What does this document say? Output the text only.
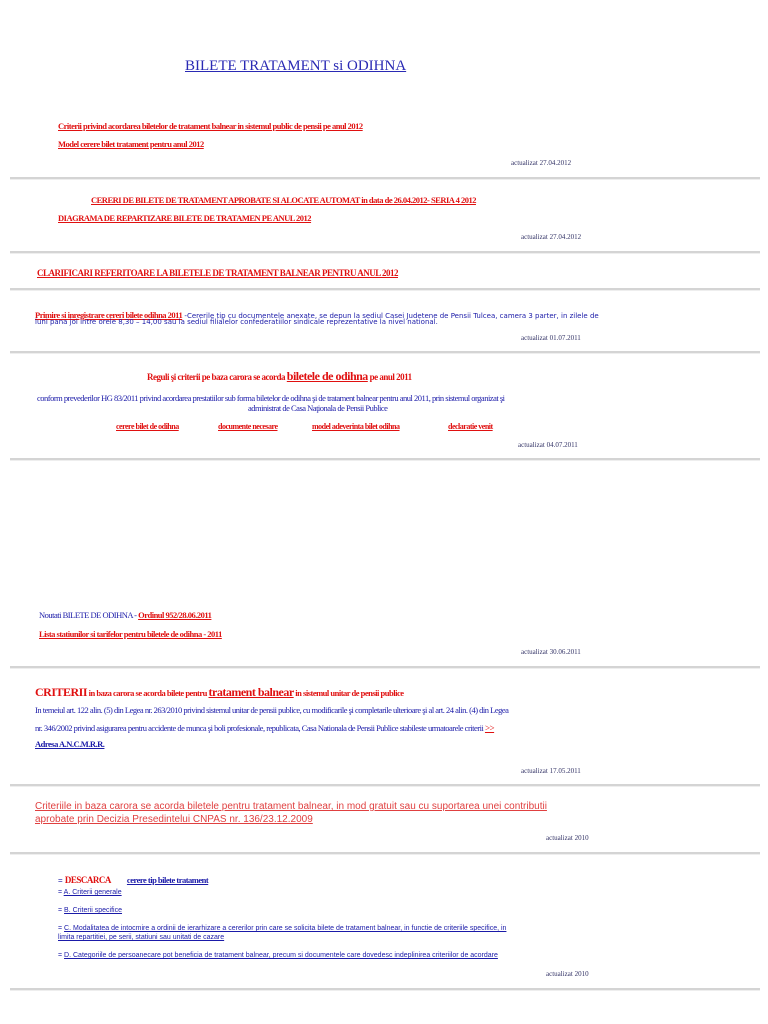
BILETE TRATAMENT si ODIHNA
Criterii privind acordarea biletelor de tratament balnear in sistemul public de pensii pe anul 2012
Model cerere bilet tratament pentru anul 2012
actualizat 27.04.2012
CERERI DE BILETE DE TRATAMENT APROBATE SI ALOCATE AUTOMAT in data de 26.04.2012- SERIA 4 2012
DIAGRAMA DE REPARTIZARE BILETE DE TRATAMEN PE ANUL 2012
actualizat 27.04.2012
CLARIFICARI REFERITOARE LA BILETELE DE TRATAMENT BALNEAR PENTRU ANUL 2012
Primire si inregistrare cereri bilete odihna 2011 -Cererile tip cu documentele anexate, se depun la sediul Casei Judetene de Pensii Tulcea, camera 3 parter, in zilele de
luni pana joi intre orele 8,30 – 14,00 sau la sediul filialelor confederatiilor sindicale reprezentative la nivel national.
actualizat 01.07.2011
Reguli şi criterii pe baza carora se acorda biletele de odihna pe anul 2011
conform prevederilor HG 83/2011 privind acordarea prestatiilor sub forma biletelor de odihna şi de tratament balnear pentru anul 2011, prin sistemul organizat şi
administrat de Casa Naţionala de Pensii Publice
cerere bilet de odihna	documente necesare	model adeverinta bilet odihna	declaratie venit
actualizat 04.07.2011
Noutati BILETE DE ODIHNA - Ordinul 952/28.06.2011
Lista statiunilor si tarifelor pentru biletele de odihna - 2011
actualizat 30.06.2011
CRITERII in baza carora se acorda bilete pentru tratament balnear in sistemul unitar de pensii publice
In temeiul art. 122 alin. (5) din Legea nr. 263/2010 privind sistemul unitar de pensii publice, cu modificarile şi completarile ulterioare şi al art. 24 alin. (4) din Legea
nr. 346/2002 privind asigurarea pentru accidente de munca şi boli profesionale, republicata, Casa Nationala de Pensii Publice stabileste urmatoarele criterii >>
Adresa A.N.C.M.R.R.
actualizat 17.05.2011
Criteriile in baza carora se acorda biletele pentru tratament balnear, in mod gratuit sau cu suportarea unei contributii
aprobate prin Decizia Presedintelui CNPAS nr. 136/23.12.2009
actualizat 2010
= DESCARCA cerere tip bilete tratament
= A. Criterii generale
= B. Criterii specifice
= C. Modalitatea de intocmire a ordinii de ierarhizare a cererilor prin care se solicita bilete de tratament balnear, in functie de criteriile specifice, in
limita repartitiei, pe serii, statiuni sau unitati de cazare
= D. Categoriile de persoanecare pot beneficia de tratament balnear, precum si documentele care dovedesc indeplinirea criteriilor de acordare
actualizat 2010
